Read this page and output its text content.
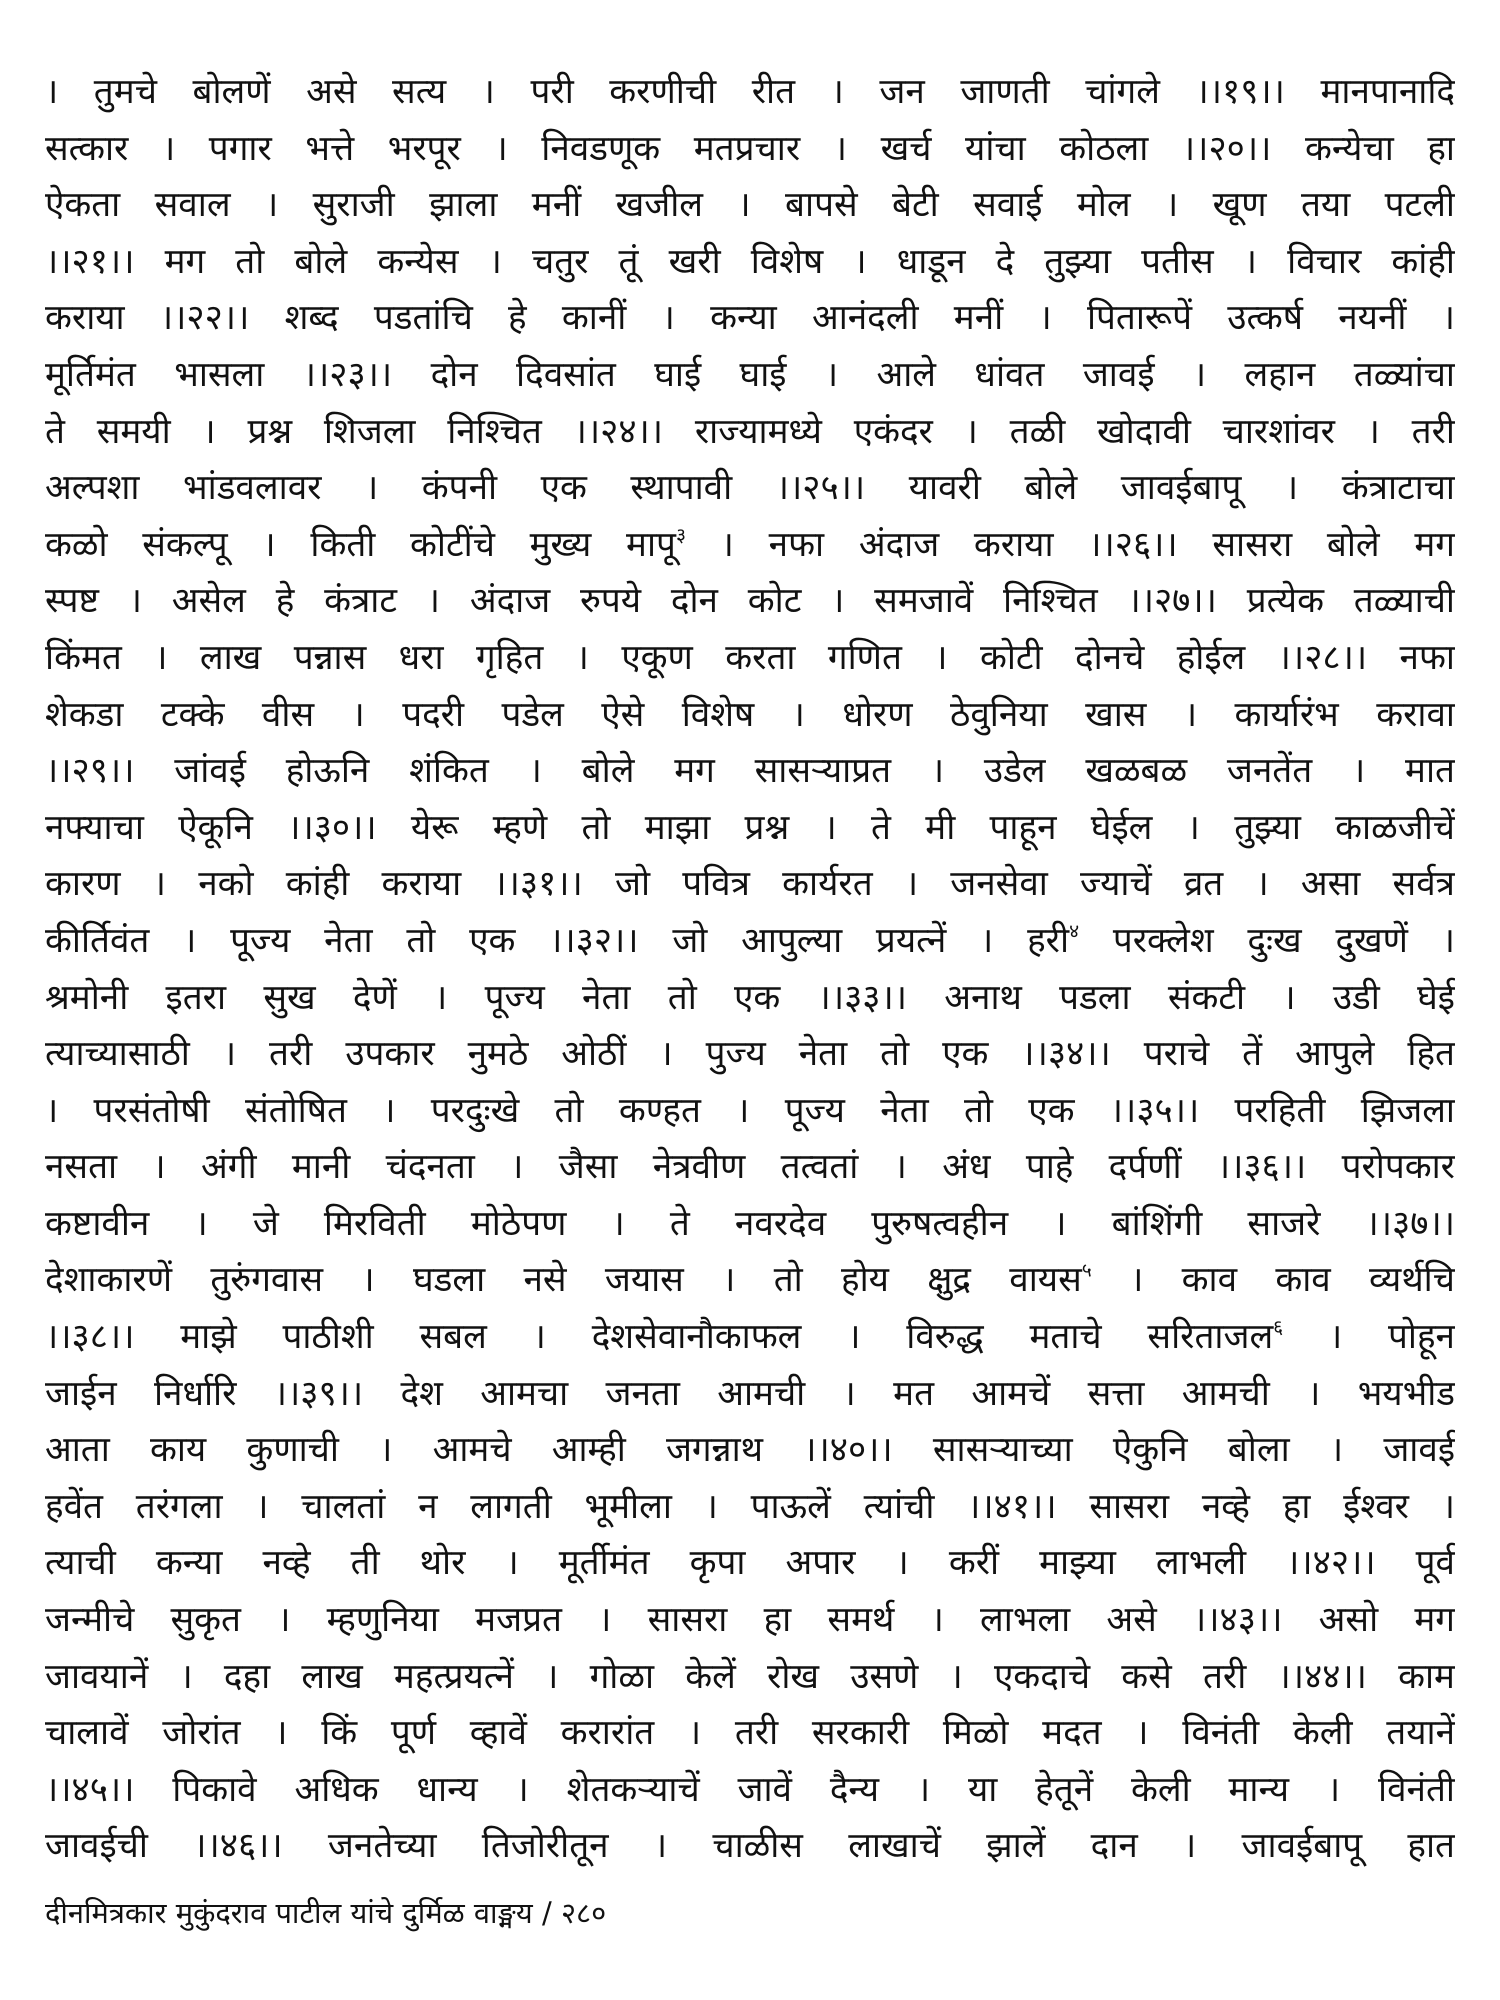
। तुमचे बोलणें असे सत्य । परी करणीची रीत । जन जाणती चांगले ।।१९।। मानपानादि
सत्कार । पगार भत्ते भरपूर । निवडणूक मतप्रचार । खर्च यांचा कोठला ।।२०।। कन्येचा हा
ऐकता सवाल । सुराजी झाला मनीं खजील । बापसे बेटी सवाई मोल । खूण तया पटली
।।२१।। मग तो बोले कन्येस । चतुर तूं खरी विशेष । धाडून दे तुझ्या पतीस । विचार कांही
कराया ।।२२।। शब्द पडतांचि हे कानीं । कन्या आनंदली मनीं । पितारूपें उत्कर्ष नयनीं ।
मूर्तिमंत भासला ।।२३।। दोन दिवसांत घाई घाई । आले धांवत जावई । लहान तळ्यांचा
ते समयी । प्रश्न शिजला निश्चित ।।२४।। राज्यामध्ये एकंदर । तळी खोदावी चारशांवर । तरी
अल्पशा भांडवलावर । कंपनी एक स्थापावी ।।२५।। यावरी बोले जावईबापू । कंत्राटाचा
कळो संकल्पू । किती कोटींचे मुख्य मापू$^३$ । नफा अंदाज कराया ।।२६।। सासरा बोले मग
स्पष्ट । असेल हे कंत्राट । अंदाज रुपये दोन कोट । समजावें निश्चित ।।२७।। प्रत्येक तळ्याची
किंमत । लाख पन्नास धरा गृहित । एकूण करता गणित । कोटी दोनचे होईल ।।२८।। नफा
शेकडा टक्के वीस । पदरी पडेल ऐसे विशेष । धोरण ठेवुनिया खास । कार्यारंभ करावा
।।२९।। जांवई होऊनि शंकित । बोले मग सासऱ्याप्रत । उडेल खळबळ जनतेंत । मात
नफ्याचा ऐकूनि ।।३०।। येरू म्हणे तो माझा प्रश्न । ते मी पाहून घेईल । तुझ्या काळजीचें
कारण । नको कांही कराया ।।३१।। जो पवित्र कार्यरत । जनसेवा ज्याचें व्रत । असा सर्वत्र
कीर्तिवंत । पूज्य नेता तो एक ।।३२।। जो आपुल्या प्रयत्नें । हरी$^४$ परक्लेश दुःख दुखणें ।
श्रमोनी इतरा सुख देणें । पूज्य नेता तो एक ।।३३।। अनाथ पडला संकटी । उडी घेई
त्याच्यासाठी । तरी उपकार नुमठे ओठीं । पुज्य नेता तो एक ।।३४।। पराचे तें आपुले हित
। परसंतोषी संतोषित । परदुःखे तो कण्हत । पूज्य नेता तो एक ।।३५।। परहिती झिजला
नसता । अंगी मानी चंदनता । जैसा नेत्रवीण तत्वतां । अंध पाहे दर्पणीं ।।३६।। परोपकार
कष्टावीन । जे मिरविती मोठेपण । ते नवरदेव पुरुषत्वहीन । बांशिंगी साजरे ।।३७।।
देशाकारणें तुरुंगवास । घडला नसे जयास । तो होय क्षुद्र वायस$^५$ । काव काव व्यर्थचि
।।३८।। माझे पाठीशी सबल । देशसेवानौकाफल । विरुद्ध मताचे सरिताजल$^६$ । पोहून
जाईन निर्धारि ।।३९।। देश आमचा जनता आमची । मत आमचें सत्ता आमची । भयभीड
आता काय कुणाची । आमचे आम्ही जगन्नाथ ।।४०।। सासऱ्याच्या ऐकुनि बोला । जावई
हवेंत तरंगला । चालतां न लागती भूमीला । पाऊलें त्यांची ।।४१।। सासरा नव्हे हा ईश्वर ।
त्याची कन्या नव्हे ती थोर । मूर्तीमंत कृपा अपार । करीं माझ्या लाभली ।।४२।। पूर्व
जन्मीचे सुकृत । म्हणुनिया मजप्रत । सासरा हा समर्थ । लाभला असे ।।४३।। असो मग
जावयानें । दहा लाख महत्प्रयत्नें । गोळा केलें रोख उसणे । एकदाचे कसे तरी ।।४४।। काम
चालावें जोरांत । किं पूर्ण व्हावें करारांत । तरी सरकारी मिळो मदत । विनंती केली तयानें
।।४५।। पिकावे अधिक धान्य । शेतकऱ्याचें जावें दैन्य । या हेतूनें केली मान्य । विनंती
जावईची ।।४६।। जनतेच्या तिजोरीतून । चाळीस लाखाचें झालें दान । जावईबापू हात
दीनमित्रकार मुकुंदराव पाटील यांचे दुर्मिळ वाङ्मय / २८०
